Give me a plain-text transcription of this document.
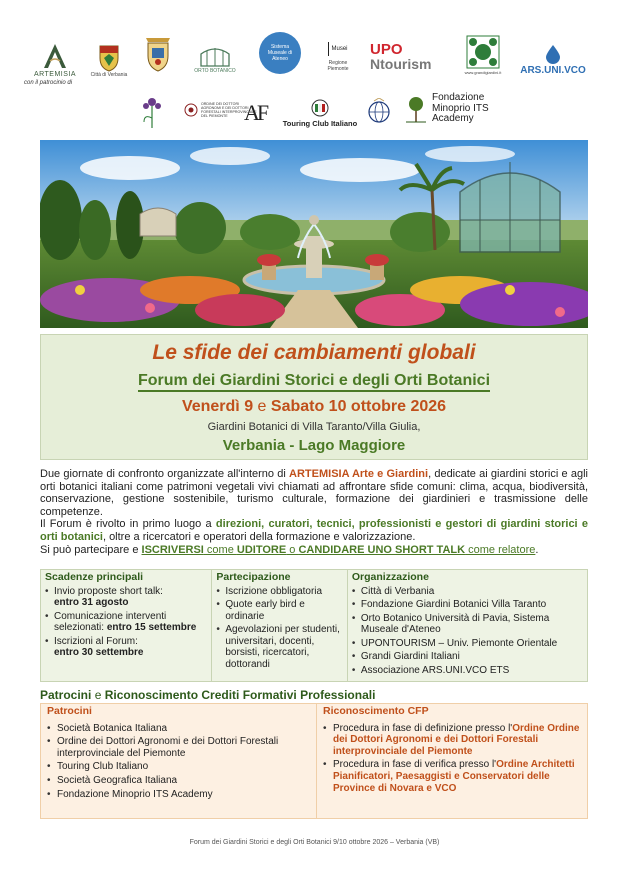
ARTEMISIA	Città di Verbania
ORTO BOTANICO
Sistema Museale di Ateneo
Musei
Regione Piemonte
UPO
Ntourism
www.grandigiardini.it ARS.UNI.VCO
con il patrocinio di
ORDINE DEI DOTTORI AGRONOMI E DEI DOTTORI FORESTALI INTERPROVINCIALE DEL PIEMONTE AF Touring Club Italiano
Fondazione Minoprio ITS Academy
Le sfide dei cambiamenti globali
Forum dei Giardini Storici e degli Orti Botanici
Venerdì 9 e Sabato 10 ottobre 2026
Giardini Botanici di Villa Taranto/Villa Giulia,
Verbania - Lago Maggiore

Due giornate di confronto organizzate all'interno di ARTEMISIA Arte e Giardini, dedicate ai giardini storici e agli orti botanici italiani come patrimoni vegetali vivi chiamati ad affrontare sfide comuni: clima, acqua, biodiversità, conservazione, gestione sostenibile, turismo culturale, formazione dei giardinieri e trasmissione delle competenze.

Il Forum è rivolto in primo luogo a direzioni, curatori, tecnici, professionisti e gestori di giardini storici e orti botanici, oltre a ricercatori e operatori della formazione e valorizzazione.

Si può partecipare e ISCRIVERSI come UDITORE o CANDIDARE UNO SHORT TALK come relatore.

Scadenze principali
• Invio proposte short talk:
entro 31 agosto
• Comunicazione interventi selezionati: entro 15 settembre
• Iscrizioni al Forum:
entro 30 settembre
Partecipazione
• Iscrizione obbligatoria
• Quote early bird e ordinarie
• Agevolazioni per studenti, universitari, docenti, borsisti, ricercatori, dottorandi
Organizzazione
• Città di Verbania
• Fondazione Giardini Botanici Villa Taranto
• Orto Botanico Università di Pavia, Sistema Museale d'Ateneo
• UPONTOURISM – Univ. Piemonte Orientale
• Grandi Giardini Italiani
• Associazione ARS.UNI.VCO ETS
Patrocini e Riconoscimento Crediti Formativi Professionali
Patrocini
• Società Botanica Italiana
• Ordine dei Dottori Agronomi e dei Dottori Forestali interprovinciale del Piemonte
• Touring Club Italiano
• Società Geografica Italiana
• Fondazione Minoprio ITS Academy
Riconoscimento CFP
• Procedura in fase di definizione presso l'Ordine Ordine dei Dottori Agronomi e dei Dottori Forestali interprovinciale del Piemonte
• Procedura in fase di verifica presso l'Ordine Architetti Pianificatori, Paesaggisti e Conservatori delle Province di Novara e VCO
Forum dei Giardini Storici e degli Orti Botanici 9/10 ottobre 2026 – Verbania (VB)
